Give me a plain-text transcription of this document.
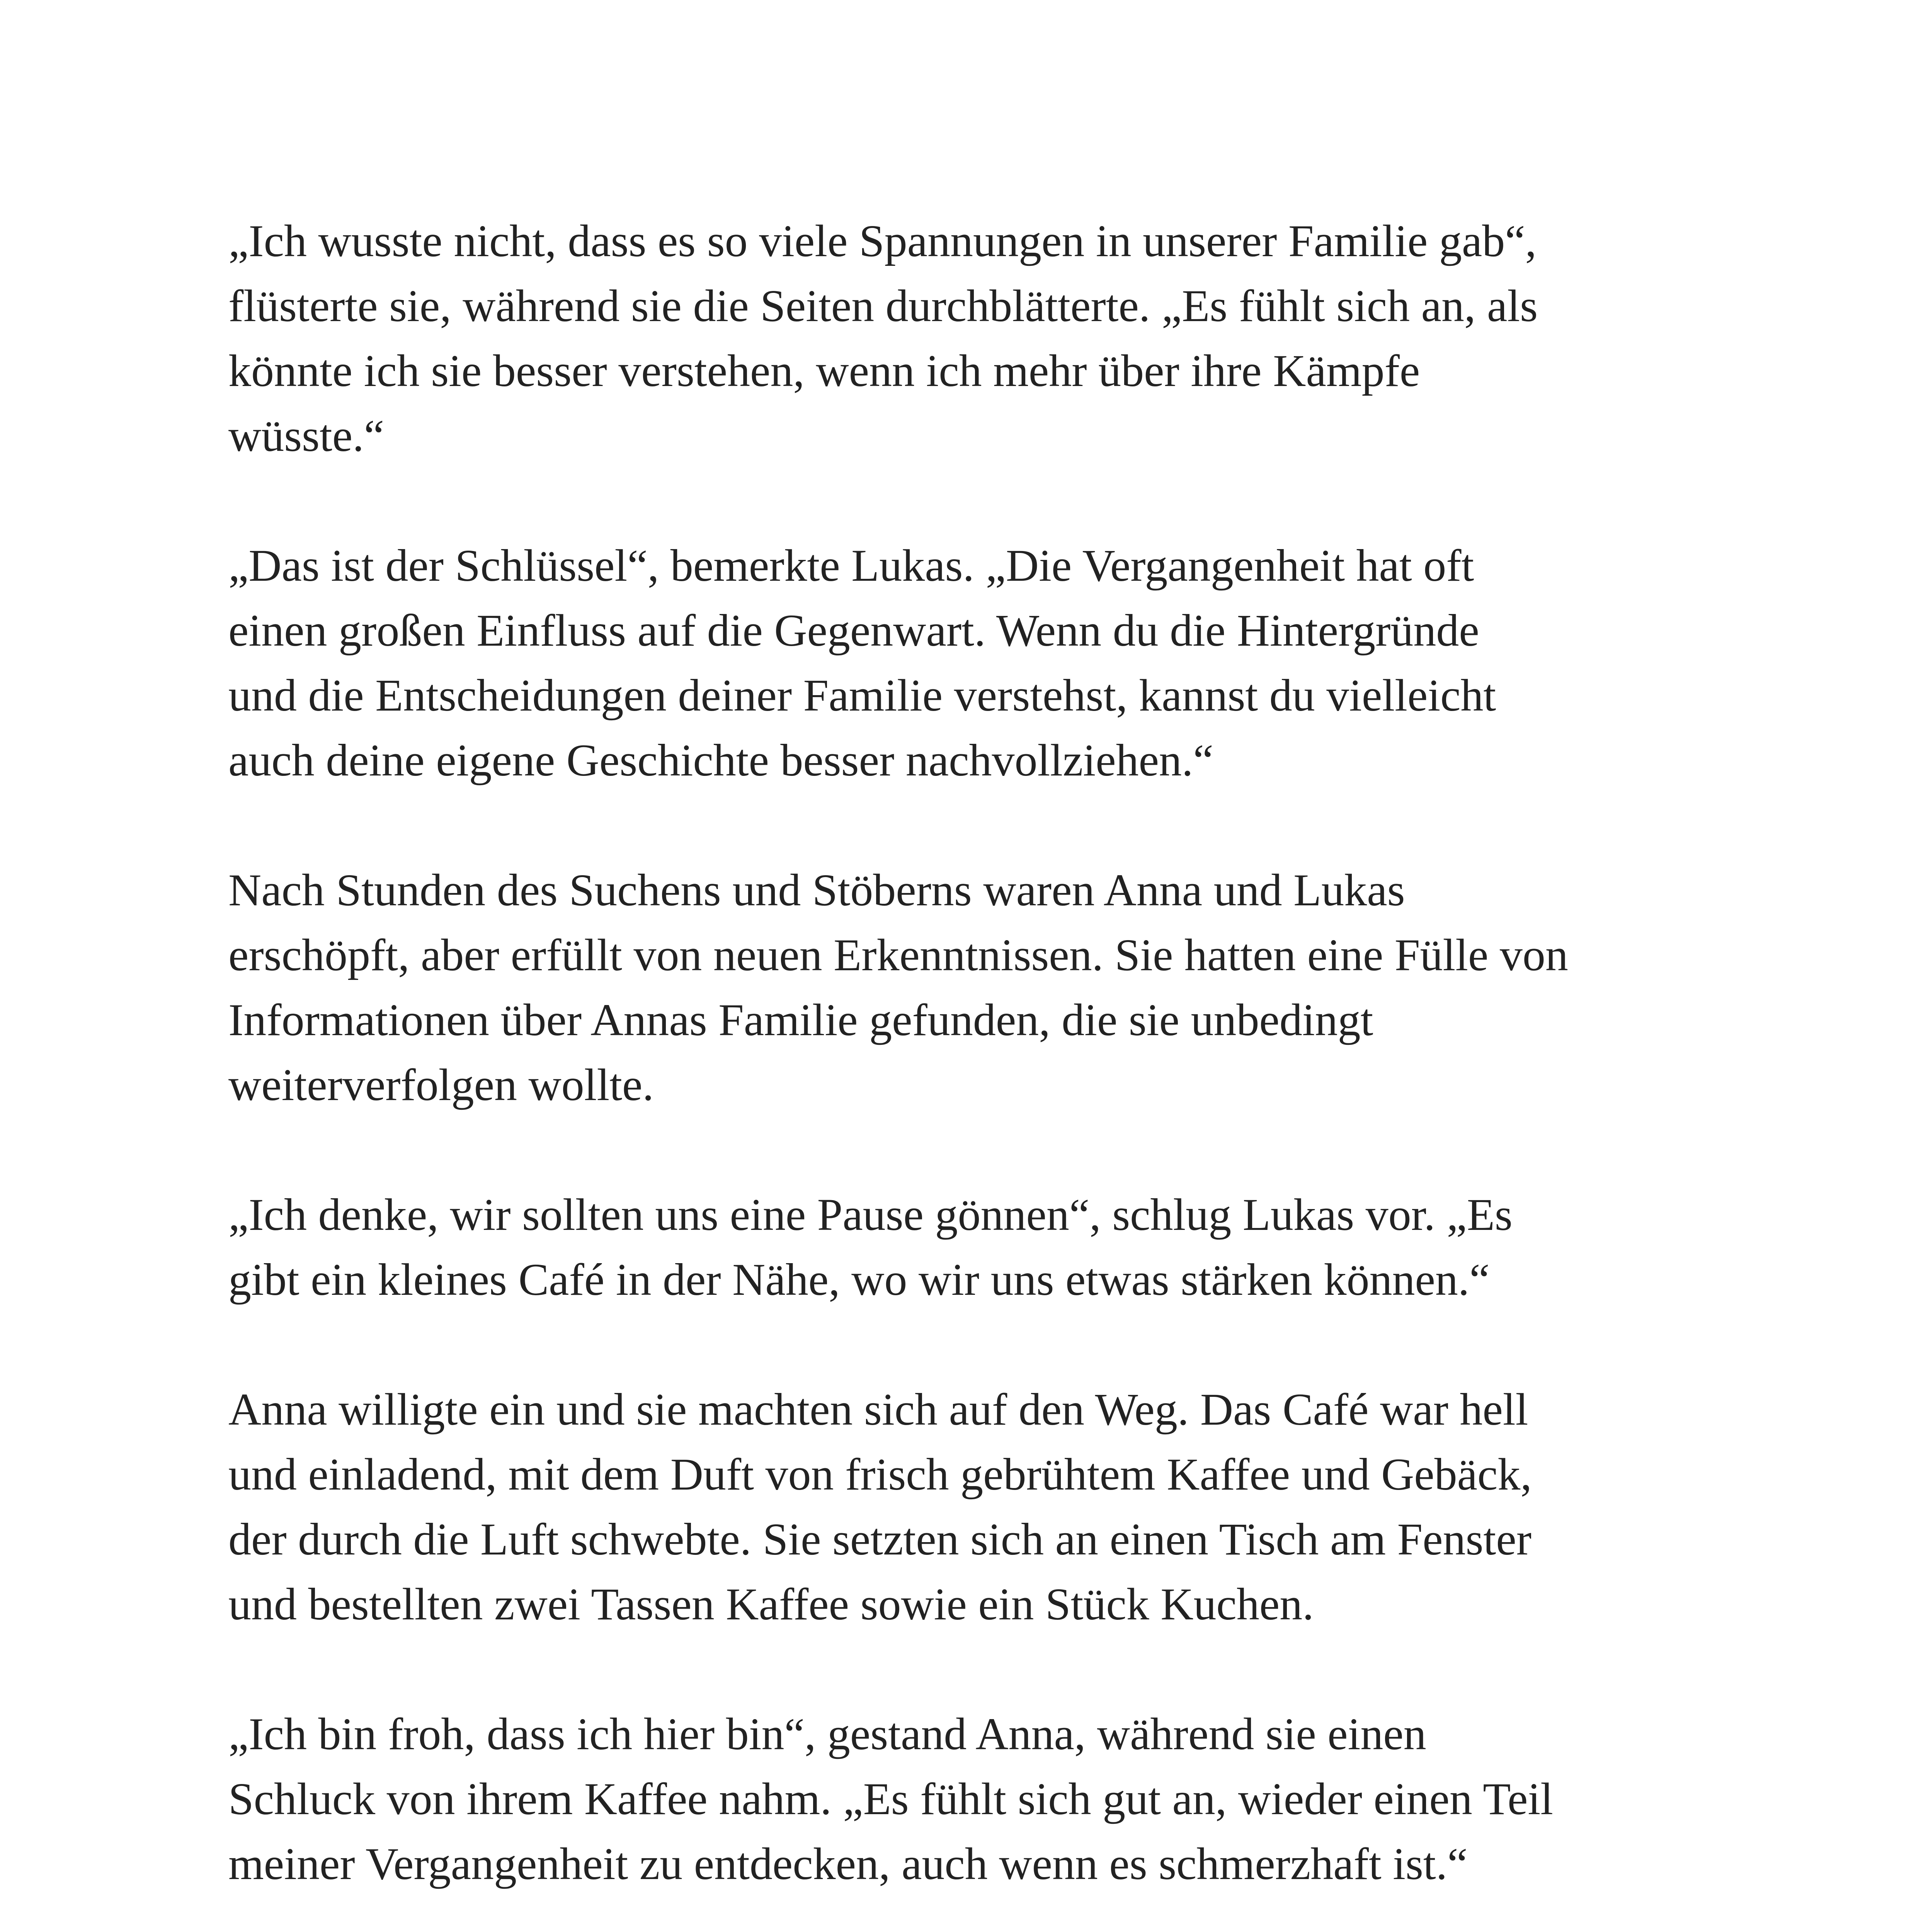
„Ich wusste nicht, dass es so viele Spannungen in unserer Familie gab“,
flüsterte sie, während sie die Seiten durchblätterte. „Es fühlt sich an, als
könnte ich sie besser verstehen, wenn ich mehr über ihre Kämpfe
wüsste.“

„Das ist der Schlüssel“, bemerkte Lukas. „Die Vergangenheit hat oft
einen großen Einfluss auf die Gegenwart. Wenn du die Hintergründe
und die Entscheidungen deiner Familie verstehst, kannst du vielleicht
auch deine eigene Geschichte besser nachvollziehen.“

Nach Stunden des Suchens und Stöberns waren Anna und Lukas
erschöpft, aber erfüllt von neuen Erkenntnissen. Sie hatten eine Fülle von
Informationen über Annas Familie gefunden, die sie unbedingt
weiterverfolgen wollte.

„Ich denke, wir sollten uns eine Pause gönnen“, schlug Lukas vor. „Es
gibt ein kleines Café in der Nähe, wo wir uns etwas stärken können.“

Anna willigte ein und sie machten sich auf den Weg. Das Café war hell
und einladend, mit dem Duft von frisch gebrühtem Kaffee und Gebäck,
der durch die Luft schwebte. Sie setzten sich an einen Tisch am Fenster
und bestellten zwei Tassen Kaffee sowie ein Stück Kuchen.

„Ich bin froh, dass ich hier bin“, gestand Anna, während sie einen
Schluck von ihrem Kaffee nahm. „Es fühlt sich gut an, wieder einen Teil
meiner Vergangenheit zu entdecken, auch wenn es schmerzhaft ist.“
